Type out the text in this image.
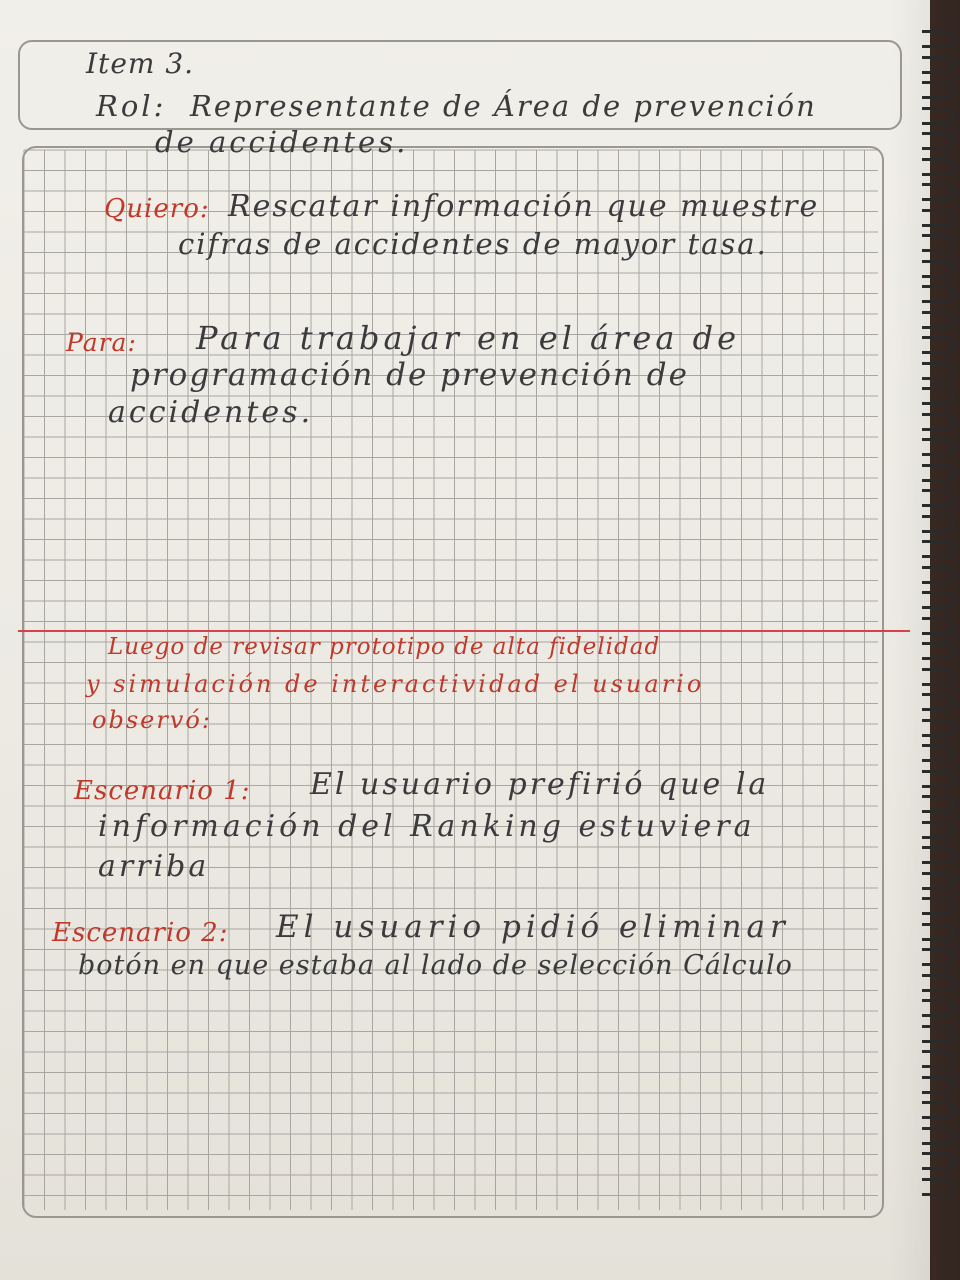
Item 3.

Rol: Representante de Área de prevención

de accidentes.

Quiero: Rescatar información que muestre

cifras de accidentes de mayor tasa.

Para: Para trabajar en el área de

programación de prevención de

accidentes.

Luego de revisar prototipo de alta fidelidad

y simulación de interactividad el usuario

observó:

Escenario 1: El usuario prefirió que la

información del Ranking estuviera

arriba

Escenario 2: El usuario pidió eliminar

botón en que estaba al lado de selección Cálculo
